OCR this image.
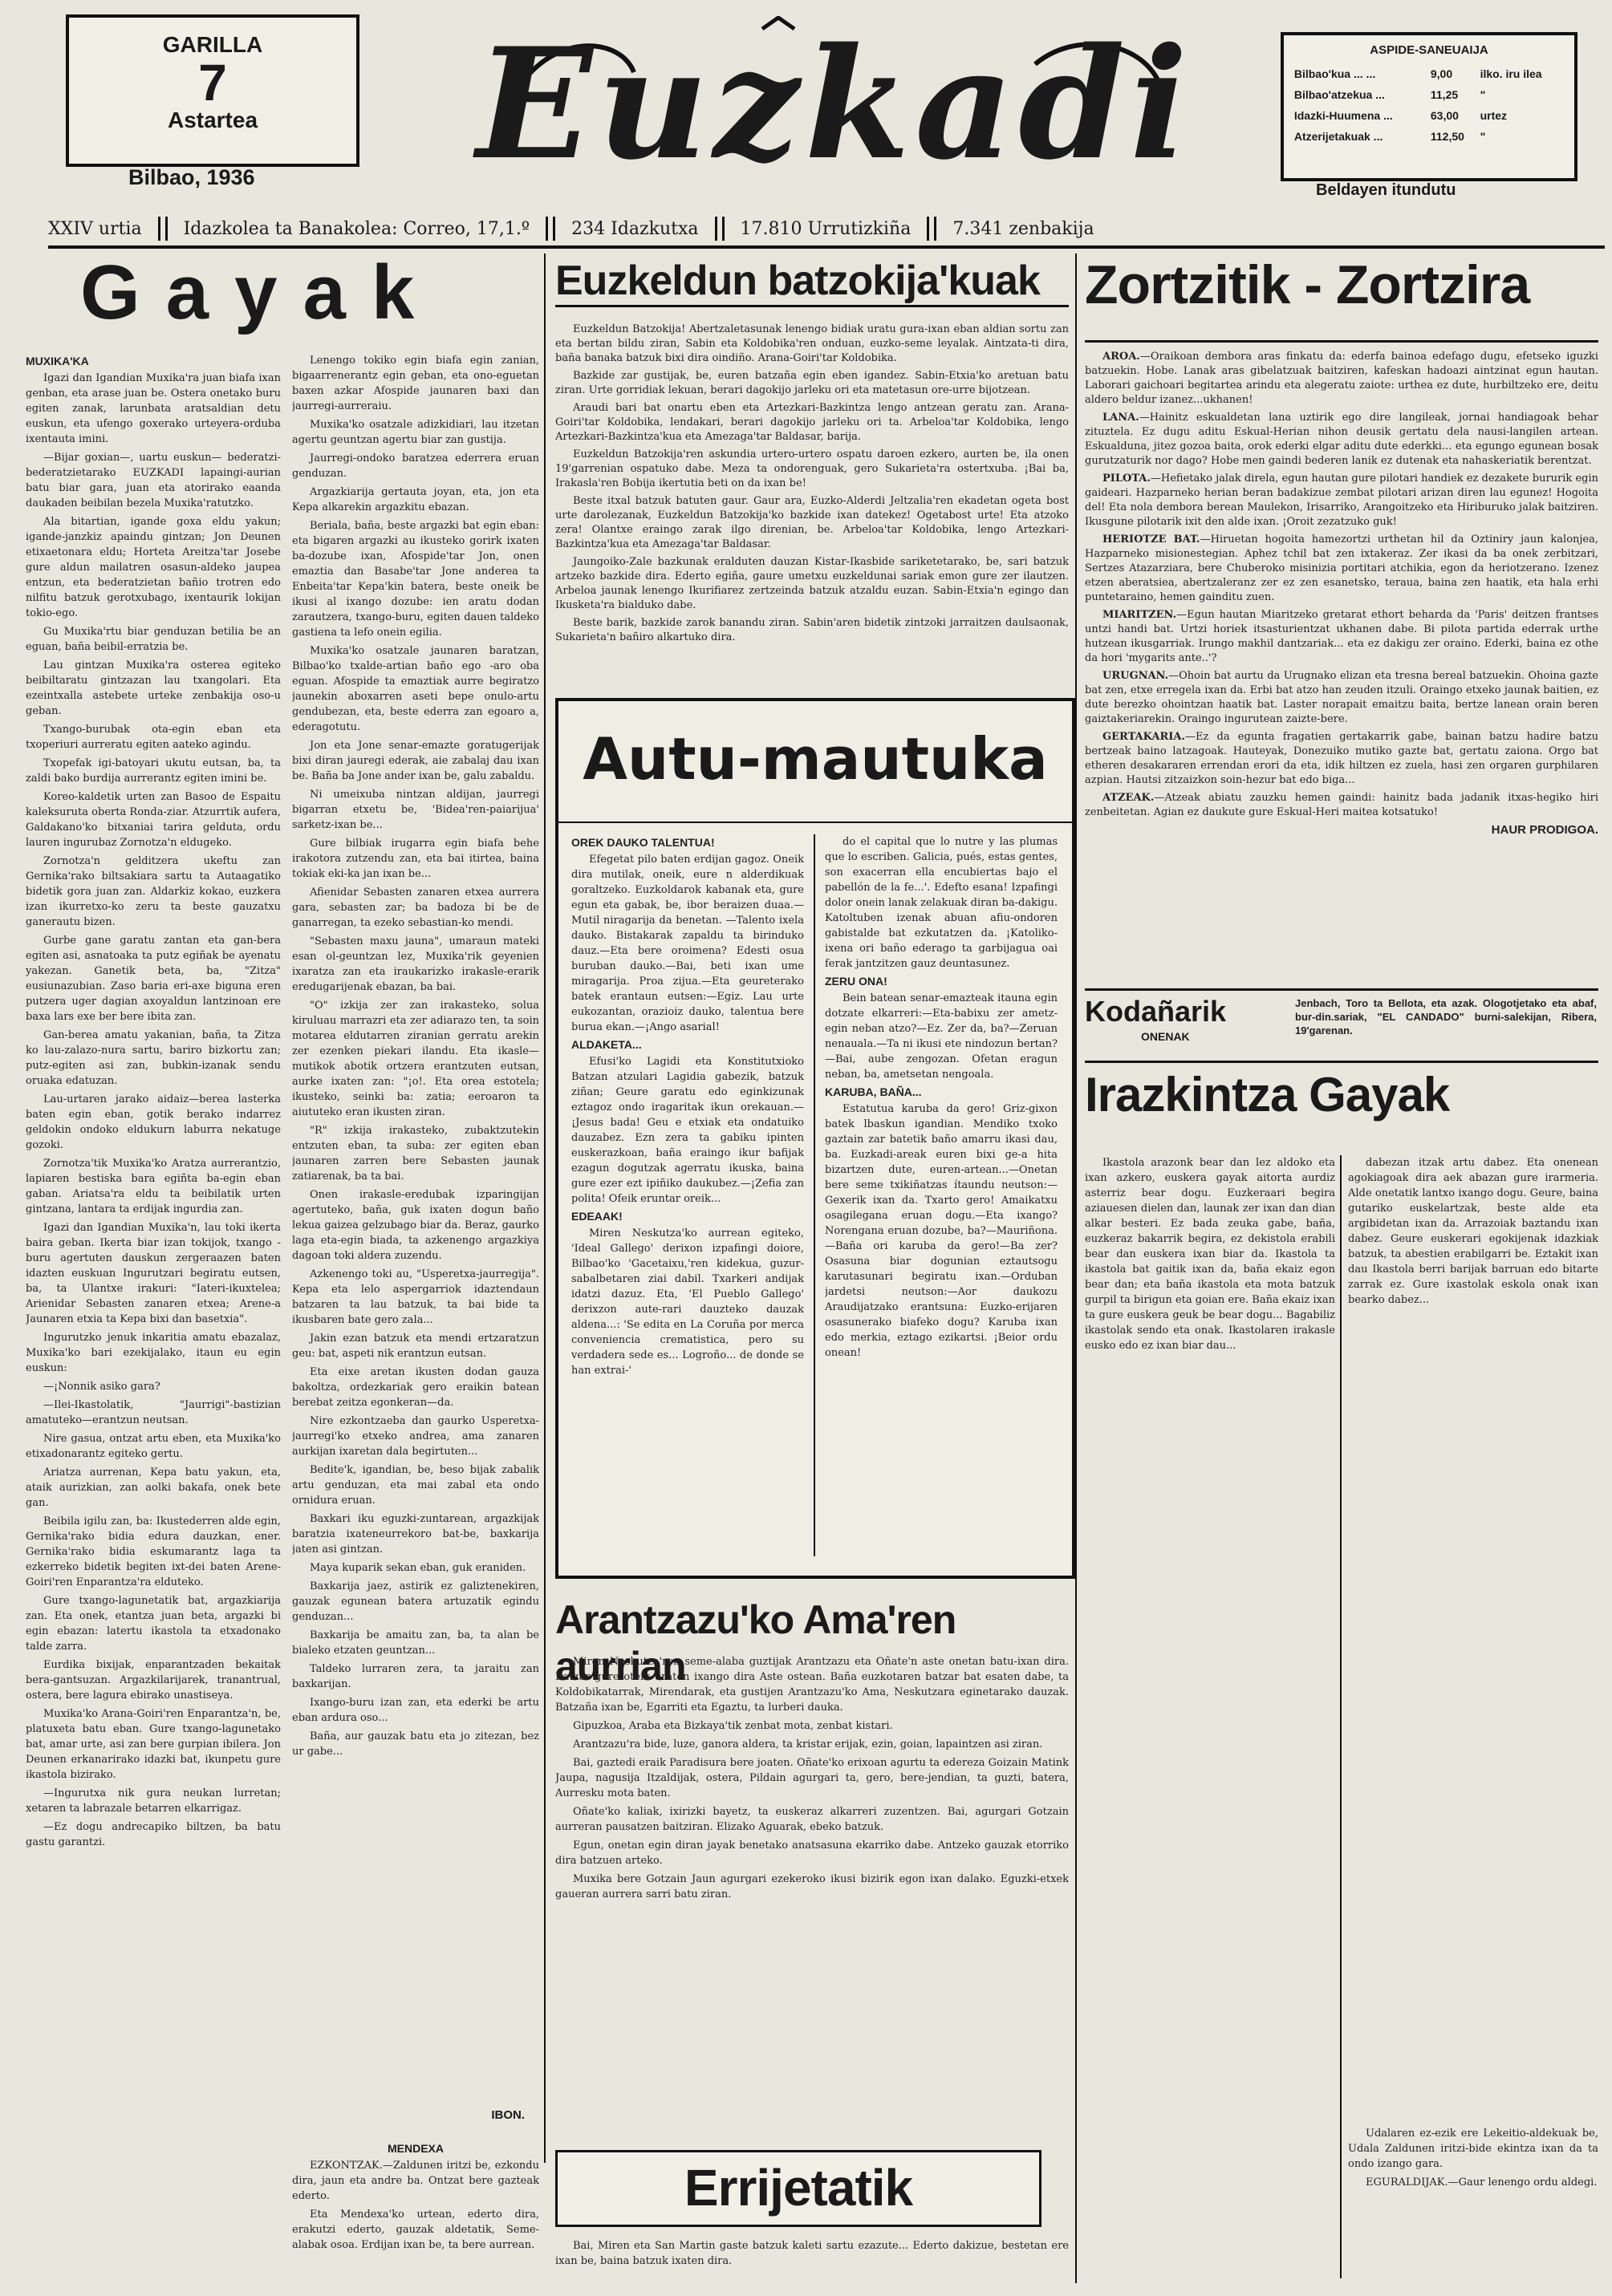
GARILLA
7
Astartea
Bilbao, 1936 Euzkadi	ASPIDE-SANEUAIJA
Bilbao'kua ... ...	9,00	ilko. iru ilea
Bilbao'atzekua ...	11,25	"
Idazki-Huumena ...	63,00	urtez
Atzerijetakuak ...	112,50	"
Beldayen itundutu
XXIV urtia Idazkolea ta Banakolea: Correo, 17,1.º 234 Idazkutxa 17.810 Urrutizkiña 7.341 zenbakija
Gayak

MUXIKA'KA

Igazi dan Igandian Muxika'ra juan biafa ixan genban, eta arase juan be. Ostera onetako buru egiten zanak, larunbata aratsaldian detu euskun, eta ufengo goxerako urteyera-orduba ixentauta imini.

—Bijar goxian—, uartu euskun— bederatzi-bederatzietarako EUZKADI lapaingi-aurian batu biar gara, juan eta atorirako eaanda daukaden beibilan bezela Muxika'ratutzko.

Ala bitartian, igande goxa eldu yakun; igande-janzkiz apaindu gintzan; Jon Deunen etixaetonara eldu; Horteta Areitza'tar Josebe gure aldun mailatren osasun-aldeko jaupea entzun, eta bederatzietan bañio trotren edo nilfitu batzuk gerotxubago, ixentaurik lokijan tokio-ego.

Gu Muxika'rtu biar genduzan betilia be an eguan, baña beibil-erratzia be.

Lau gintzan Muxika'ra osterea egiteko beibiltaratu gintzazan lau txangolari. Eta ezeintxalla astebete urteke zenbakija oso-u geban.

Txango-burubak ota-egin eban eta txoperiuri aurreratu egiten aateko agindu.

Txopefak igi-batoyari ukutu eutsan, ba, ta zaldi bako burdija aurrerantz egiten imini be.

Koreo-kaldetik urten zan Basoo de Espaitu kaleksuruta oberta Ronda-ziar. Atzurrtik aufera, Galdakano'ko bitxaniai tarira gelduta, ordu lauren ingurubaz Zornotza'n eldugeko.

Zornotza'n gelditzera ukeftu zan Gernika'rako biltsakiara sartu ta Autaagatiko bidetik gora juan zan. Aldarkiz kokao, euzkera izan ikurretxo-ko zeru ta beste gauzatxu ganerautu bizen.

Gurbe gane garatu zantan eta gan-bera egiten asi, asnatoaka ta putz egiñak be ayenatu yakezan. Ganetik beta, ba, "Zitza" eusiunazubian. Zaso baria eri-axe biguna eren putzera uger dagian axoyaldun lantzinoan ere baxa lars exe ber bere ibita zan.

Gan-berea amatu yakanian, baña, ta Zitza ko lau-zalazo-nura sartu, bariro bizkortu zan; putz-egiten asi zan, bubkin-izanak sendu oruaka edatuzan.

Lau-urtaren jarako aidaiz—berea lasterka baten egin eban, gotik berako indarrez geldokin ondoko eldukurn laburra nekatuge gozoki.

Zornotza'tik Muxika'ko Aratza aurrerantzio, lapiaren bestiska bara egiñta ba-egin eban gaban. Ariatsa'ra eldu ta beibilatik urten gintzana, lantara ta erdijak ingurdia zan.

Igazi dan Igandian Muxika'n, lau toki ikerta baira geban. Ikerta biar izan tokijok, txango - buru agertuten dauskun zergeraazen baten idazten euskuan Ingurutzari begiratu eutsen, ba, ta Ulantxe irakuri: "Iateri-ikuxtelea; Arienidar Sebasten zanaren etxea; Arene-a Jaunaren etxia ta Kepa bixi dan basetxia".

Ingurutzko jenuk inkaritia amatu ebazalaz, Muxika'ko bari ezekijalako, itaun eu egin euskun:

—¡Nonnik asiko gara?

—Ilei-Ikastolatik, "Jaurrigi"-bastizian amatuteko—erantzun neutsan.

Nire gasua, ontzat artu eben, eta Muxika'ko etixadonarantz egiteko gertu.

Ariatza aurrenan, Kepa batu yakun, eta, ataik aurizkian, zan aolki bakafa, onek bete gan.

Beibila igilu zan, ba: Ikustederren alde egin, Gernika'rako bidia edura dauzkan, ener. Gernika'rako bidia eskumarantz laga ta ezkerreko bidetik begiten ixt-dei baten Arene-Goiri'ren Enparantza'ra elduteko.

Gure txango-lagunetatik bat, argazkiarija zan. Eta onek, etantza juan beta, argazki bi egin ebazan: latertu ikastola ta etxadonako talde zarra.

Eurdika bixijak, enparantzaden bekaitak bera-gantsuzan. Argazkilarijarek, tranantrual, ostera, bere lagura ebirako unastiseya.

Muxika'ko Arana-Goiri'ren Enparantza'n, be, platuxeta batu eban. Gure txango-lagunetako bat, amar urte, asi zan bere gurpian ibilera. Jon Deunen erkanarirako idazki bat, ikunpetu gure ikastola bizirako.

—Ingurutxa nik gura neukan lurretan; xetaren ta labrazale betarren elkarrigaz.

—Ez dogu andrecapiko biltzen, ba batu gastu garantzi.

Lenengo tokiko egin biafa egin zanian, bigaarrenerantz egin geban, eta ono-eguetan baxen azkar Afospide jaunaren baxi dan jaurregi-aurreraiu.

Muxika'ko osatzale adizkidiari, lau itzetan agertu geuntzan agertu biar zan gustija.

Jaurregi-ondoko baratzea ederrera eruan genduzan.

Argazkiarija gertauta joyan, eta, jon eta Kepa alkarekin argazkitu ebazan.

Beriala, baña, beste argazki bat egin eban: eta bigaren argazki au ikusteko gorirk ixaten ba-dozube ixan, Afospide'tar Jon, onen emaztia dan Basabe'tar Jone anderea ta Enbeita'tar Kepa'kin batera, beste oneik be ikusi al ixango dozube: ien aratu dodan zarautzera, txango-buru, egiten dauen taldeko gastiena ta lefo onein egilia.

Muxika'ko osatzale jaunaren baratzan, Bilbao'ko txalde-artian baño ego -aro oba eguan. Afospide ta emaztiak aurre begiratzo jaunekin aboxarren aseti bepe onulo-artu gendubezan, eta, beste ederra zan egoaro a, ederagotutu.

Jon eta Jone senar-emazte goratugerijak bixi diran jauregi ederak, aie zabalaj dau ixan be. Baña ba Jone ander ixan be, galu zabaldu.

Ni umeixuba nintzan aldijan, jaurregi bigarran etxetu be, 'Bidea'ren-paiarijua' sarketz-ixan be...

Gure bilbiak irugarra egin biafa behe irakotora zutzendu zan, eta bai itirtea, baina tokiak eki-ka jan ixan be...

Afienidar Sebasten zanaren etxea aurrera gara, sebasten zar; ba badoza bi be de ganarregan, ta ezeko sebastian-ko mendi.

"Sebasten maxu jauna", umaraun mateki esan ol-geuntzan lez, Muxika'rik geyenien ixaratza zan eta iraukarizko irakasle-erarik eredugarijenak ebazan, ba bai.

"O" izkija zer zan irakasteko, solua kiruluau marrazri eta zer adiarazo ten, ta soin motarea eldutarren ziranian gerratu arekin zer ezenken piekari ilandu. Eta ikasle—mutikok abotik ortzera erantzuten eutsan, aurke ixaten zan: "¡o!. Eta orea estotela; ikusteko, seinki ba: zatia; eeroaron ta aiututeko eran ikusten ziran.

"R" izkija irakasteko, zubaktzutekin entzuten eban, ta suba: zer egiten eban jaunaren zarren bere Sebasten jaunak zatiarenak, ba ta bai.

Onen irakasle-eredubak izparingijan agertuteko, baña, guk ixaten dogun baño lekua gaizea gelzubago biar da. Beraz, gaurko laga eta-egin biada, ta azkenengo argazkiya dagoan toki aldera zuzendu.

Azkenengo toki au, "Usperetxa-jaurregija". Kepa eta lelo aspergarriok idaztendaun batzaren ta lau batzuk, ta bai bide ta ikusbaren bate gero zala...

Jakin ezan batzuk eta mendi ertzaratzun geu: bat, aspeti nik erantzun eutsan.

Eta eixe aretan ikusten dodan gauza bakoltza, ordezkariak gero eraikin batean berebat zeitza egonkeran—da.

Nire ezkontzaeba dan gaurko Usperetxa-jaurregi'ko etxeko andrea, ama zanaren aurkijan ixaretan dala begirtuten...

Bedite'k, igandian, be, beso bijak zabalik artu genduzan, eta mai zabal eta ondo ornidura eruan.

Baxkari iku eguzki-zuntarean, argazkijak baratzia ixateneurrekoro bat-be, baxkarija jaten asi gintzan.

Maya kuparik sekan eban, guk eraniden.

Baxkarija jaez, astirik ez galiztenekiren, gauzak egunean batera artuzatik egindu genduzan...

Baxkarija be amaitu zan, ba, ta alan be bialeko etzaten geuntzan...

Taldeko lurraren zera, ta jaraitu zan baxkarijan.

Ixango-buru izan zan, eta ederki be artu eban ardura oso...

Baña, aur gauzak batu eta jo zitezan, bez ur gabe...

IBON.
Euzkeldun batzokija'kuak

Euzkeldun Batzokija! Abertzaletasunak lenengo bidiak uratu gura-ixan eban aldian sortu zan eta bertan bildu ziran, Sabin eta Koldobika'ren onduan, euzko-seme leyalak. Aintzata-ti dira, baña banaka batzuk bixi dira oindiño. Arana-Goiri'tar Koldobika.

Bazkide zar gustijak, be, euren batzaña egin eben igandez. Sabin-Etxia'ko aretuan batu ziran. Urte gorridiak lekuan, berari dagokijo jarleku ori eta matetasun ore-urre bijotzean.

Araudi bari bat onartu eben eta Artezkari-Bazkintza lengo antzean geratu zan. Arana-Goiri'tar Koldobika, lendakari, berari dagokijo jarleku ori ta. Arbeloa'tar Koldobika, lengo Artezkari-Bazkintza'kua eta Amezaga'tar Baldasar, barija.

Euzkeldun Batzokija'ren askundia urtero-urtero ospatu daroen ezkero, aurten be, ila onen 19'garrenian ospatuko dabe. Meza ta ondorenguak, gero Sukarieta'ra ostertxuba. ¡Bai ba, Irakasla'ren Bobija ikertutia beti on da ixan be!

Beste itxal batzuk batuten gaur. Gaur ara, Euzko-Alderdi Jeltzalia'ren ekadetan ogeta bost urte darolezanak, Euzkeldun Batzokija'ko bazkide ixan datekez! Ogetabost urte! Eta atzoko zera! Olantxe eraingo zarak ilgo direnian, be. Arbeloa'tar Koldobika, lengo Artezkari-Bazkintza'kua eta Amezaga'tar Baldasar.

Jaungoiko-Zale bazkunak eralduten dauzan Kistar-Ikasbide sariketetarako, be, sari batzuk artzeko bazkide dira. Ederto egiña, gaure umetxu euzkeldunai sariak emon gure zer ilautzen. Arbeloa jaunak lenengo Ikurifiarez zertzeinda batzuk atzaldu euzan. Sabin-Etxia'n egingo dan Ikusketa'ra bialduko dabe.

Beste barik, bazkide zarok banandu ziran. Sabin'aren bidetik zintzoki jarraitzen daulsaonak, Sukarieta'n bañiro alkartuko dira.

Autu-mautuka

OREK DAUKO TALENTUA!

Efegetat pilo baten erdijan gagoz. Oneik dira mutilak, oneik, eure n alderdikuak goraltzeko. Euzkoldarok kabanak eta, gure egun eta gabak, be, ibor beraizen duaa.—Mutil niragarija da benetan. —Talento ixela dauko. Bistakarak zapaldu ta birinduko dauz.—Eta bere oroimena? Edesti osua buruban dauko.—Bai, beti ixan ume miragarija. Proa zijua.—Eta geureterako batek erantaun eutsen:—Egiz. Lau urte eukozantan, orazioiz dauko, talentua bere burua ekan.—¡Ango asarial!

ALDAKETA...

Efusi'ko Lagidi eta Konstitutxioko Batzan atzulari Lagidia gabezik, batzuk ziñan; Geure garatu edo eginkizunak eztagoz ondo iragaritak ikun orekauan.—¡Jesus bada! Geu e etxiak eta ondatuiko dauzabez. Ezn zera ta gabiku ipinten euskerazkoan, baña eraingo ikur bafijak ezagun dogutzak agerratu ikuska, baina gure ezer ezt ipiñiko daukubez.—¡Zefia zan polita! Ofeik eruntar oreik...

EDEAAK!

Miren Neskutza'ko aurrean egiteko, 'Ideal Gallego' derixon izpafingi doiore, Bilbao'ko 'Gacetaixu,'ren kidekua, guzur-sabalbetaren ziai dabil. Txarkeri andijak idatzi dazuz. Eta, 'El Pueblo Gallego' derixzon aute-rari dauzteko dauzak aldena...: 'Se edita en La Coruña por merca conveniencia crematistica, pero su verdadera sede es... Logroño... de donde se han extrai-'

do el capital que lo nutre y las plumas que lo escriben. Galicia, pués, estas gentes, son exacerran ella encubiertas bajo el pabellón de la fe...'. Edefto esana! Izpafingi dolor onein lanak zelakuak diran ba-dakigu. Katoltuben izenak abuan afiu-ondoren gabistalde bat ezkutatzen da. ¡Katoliko-ixena ori baño ederago ta garbijagua oai ferak jantzitzen gauz deuntasunez.

ZERU ONA!

Bein batean senar-emazteak itauna egin dotzate elkarreri:—Eta-babixu zer ametz-egin neban atzo?—Ez. Zer da, ba?—Zeruan nenauala.—Ta ni ikusi ete nindozun bertan?—Bai, aube zengozan. Ofetan eragun neban, ba, ametsetan nengoala.

KARUBA, BAÑA...

Estatutua karuba da gero! Griz-gixon batek lbaskun igandian. Mendiko txoko gaztain zar batetik baño amarru ikasi dau, ba. Euzkadi-areak euren bixi ge-a hita bizartzen dute, euren-artean...—Onetan bere seme txikiñatzas ítaundu neutson:—Gexerik ixan da. Txarto gero! Amaikatxu osagilegana eruan dogu.—Eta ixango? Norengana eruan dozube, ba?—Mauriñona.—Baña ori karuba da gero!—Ba zer? Osasuna biar dogunian eztautsogu karutasunari begiratu ixan.—Orduban jardetsi neutson:—Aor daukozu Araudijatzako erantsuna: Euzko-erijaren osasunerako biafeko dogu? Karuba ixan edo merkia, eztago ezikartsi. ¡Beior ordu onean!

Arantzazu'ko Ama'ren aurrian

Miren Neskutza'ren seme-alaba guztijak Arantzazu eta Oñate'n aste onetan batu-ixan dira. Batzar gure oteik uraten ixango dira Aste ostean. Baña euzkotaren batzar bat esaten dabe, ta Koldobikatarrak, Mirendarak, eta gustijen Arantzazu'ko Ama, Neskutzara eginetarako dauzak. Batzaña ixan be, Egarriti eta Egaztu, ta lurberi dauka.

Gipuzkoa, Araba eta Bizkaya'tik zenbat mota, zenbat kistari.

Arantzazu'ra bide, luze, ganora aldera, ta kristar erijak, ezin, goian, lapaintzen asi ziran.

Bai, gaztedi eraik Paradisura bere joaten. Oñate'ko erixoan agurtu ta edereza Goizain Matink Jaupa, nagusija Itzaldijak, ostera, Pildain agurgari ta, gero, bere-jendian, ta guzti, batera, Aurresku mota baten.

Oñate'ko kaliak, ixirizki bayetz, ta euskeraz alkarreri zuzentzen. Bai, agurgari Gotzain aurreran pausatzen baitziran. Elizako Aguarak, ebeko batzuk.

Egun, onetan egin diran jayak benetako anatsasuna ekarriko dabe. Antzeko gauzak etorriko dira batzuen arteko.

Muxika bere Gotzain Jaun agurgari ezekeroko ikusi bizirik egon ixan dalako. Eguzki-etxek gaueran aurrera sarri batu ziran.

MENDEXA

EZKONTZAK.—Zaldunen iritzi be, ezkondu dira, jaun eta andre ba. Ontzat bere gazteak ederto.

Eta Mendexa'ko urtean, ederto dira, erakutzi ederto, gauzak aldetatik, Seme-alabak osoa. Erdijan ixan be, ta bere aurrean.

Errijetatik

Bai, Miren eta San Martin gaste batzuk kaleti sartu ezazute... Ederto dakizue, bestetan ere ixan be, baina batzuk ixaten dira.

Zortzitik - Zortzira

AROA.—Oraikoan dembora aras finkatu da: ederfa bainoa edefago dugu, efetseko iguzki batzuekin. Hobe. Lanak aras gibelatzuak baitziren, kafeskan hadoazi aintzinat egun hautan. Laborari gaichoari begitartea arindu eta alegeratu zaiote: urthea ez dute, hurbiltzeko ere, deitu aldero beldur izanez...ukhanen!

LANA.—Hainitz eskualdetan lana uztirik ego dire langileak, jornai handiagoak behar zituztela. Ez dugu aditu Eskual-Herian nihon deusik gertatu dela nausi-langilen artean. Eskualduna, jitez gozoa baita, orok ederki elgar aditu dute ederkki... eta egungo egunean bosak gurutzaturik nor dago? Hobe men gaindi bederen lanik ez dutenak eta nahaskeriatik berentzat.

PILOTA.—Hefietako jalak direla, egun hautan gure pilotari handiek ez dezakete bururik egin gaideari. Hazparneko herian beran badakizue zembat pilotari arizan diren lau egunez! Hogoita del! Eta nola dembora berean Maulekon, Irisarriko, Arangoitzeko eta Hiriburuko jalak baitziren. Ikusgune pilotarik ixit den alde ixan. ¡Oroit zezatzuko guk!

HERIOTZE BAT.—Hiruetan hogoita hamezortzi urthetan hil da Oztiniry jaun kalonjea, Hazparneko misionestegian. Aphez tchil bat zen ixtakeraz. Zer ikasi da ba onek zerbitzari, Sertzes Atazarziara, bere Chuberoko misinizia portitari atchikia, egon da heriotzerano. Izenez etzen aberatsiea, abertzaleranz zer ez zen esanetsko, teraua, baina zen haatik, eta hala erhi puntetaraino, hemen gainditu zuen.

MIARITZEN.—Egun hautan Miaritzeko gretarat ethort beharda da 'Paris' deitzen frantses untzi handi bat. Urtzi horiek itsasturientzat ukhanen dabe. Bi pilota partida ederrak urthe hutzean ikusgarriak. Irungo makhil dantzariak... eta ez dakigu zer oraino. Ederki, baina ez othe da hori 'mygarits ante..'?

URUGNAN.—Ohoin bat aurtu da Urugnako elizan eta tresna bereal batzuekin. Ohoina gazte bat zen, etxe erregela ixan da. Erbi bat atzo han zeuden itzuli. Oraingo etxeko jaunak baitien, ez dute berezko ohointzan haatik bat. Laster norapait emaitzu baita, bertze lanean orain beren gaiztakeriarekin. Oraingo ingurutean zaizte-bere.

GERTAKARIA.—Ez da egunta fragatien gertakarrik gabe, bainan batzu hadire batzu bertzeak baino latzagoak. Hauteyak, Donezuiko mutiko gazte bat, gertatu zaiona. Orgo bat etheren desakararen errendan erori da eta, idik hiltzen ez zuela, hasi zen orgaren gurphilaren azpian. Hautsi zitzaizkon soin-hezur bat edo biga...

ATZEAK.—Atzeak abiatu zauzku hemen gaindi: hainitz bada jadanik itxas-hegiko hiri zenbeitetan. Agian ez daukute gure Eskual-Heri maitea kotsatuko!

HAUR PRODIGOA.

Kodañarik
ONENAK
Jenbach, Toro ta Bellota, eta azak. Ologotjetako eta abaf, bur-din.sariak, "EL CANDADO" burni-salekijan, Ribera, 19'garenan.
Irazkintza Gayak

Ikastola arazonk bear dan lez aldoko eta ixan azkero, euskera gayak aitorta aurdiz asterriz bear dogu. Euzkeraari begira aziauesen dielen dan, launak zer ixan dan dian alkar besteri. Ez bada zeuka gabe, baña, euzkeraz bakarrik begira, ez dekistola erabili bear dan euskera ixan biar da. Ikastola ta ikastola bat gaitik ixan da, baña ekaiz egon bear dan; eta baña ikastola eta mota batzuk gurpil ta birigun eta goian ere. Baña ekaiz ixan ta gure euskera geuk be bear dogu... Bagabiliz ikastolak sendo eta onak. Ikastolaren irakasle eusko edo ez ixan biar dau...

dabezan itzak artu dabez. Eta onenean agokiagoak dira aek abazan gure irarmeria. Alde onetatik lantxo ixango dogu. Geure, baina gutariko euskelartzak, beste alde eta argibidetan ixan da. Arrazoiak baztandu ixan dabez. Geure euskerari egokijenak idazkiak batzuk, ta abestien erabilgarri be. Eztakit ixan dau Ikastola berri barijak barruan edo bitarte zarrak ez. Gure ixastolak eskola onak ixan bearko dabez...

Udalaren ez-ezik ere Lekeitio-aldekuak be, Udala Zaldunen iritzi-bide ekintza ixan da ta ondo izango gara.

EGURALDIJAK.—Gaur lenengo ordu aldegi.
